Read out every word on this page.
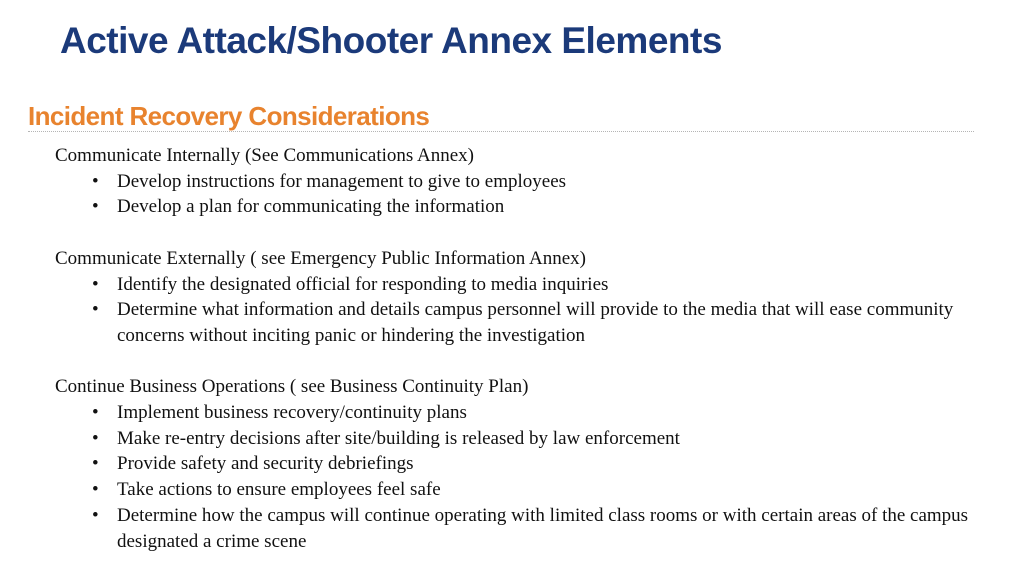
Active Attack/Shooter Annex Elements
Incident Recovery Considerations

Communicate Internally (See Communications Annex)

• Develop instructions for management to give to employees
• Develop a plan for communicating the information

Communicate Externally ( see Emergency Public Information Annex)

• Identify the designated official for responding to media inquiries
• Determine what information and details campus personnel will provide to the media that will ease community concerns without inciting panic or hindering the investigation

Continue Business Operations ( see Business Continuity Plan)

• Implement business recovery/continuity plans
• Make re-entry decisions after site/building is released by law enforcement
• Provide safety and security debriefings
• Take actions to ensure employees feel safe
• Determine how the campus will continue operating with limited class rooms or with certain areas of the campus designated a crime scene
